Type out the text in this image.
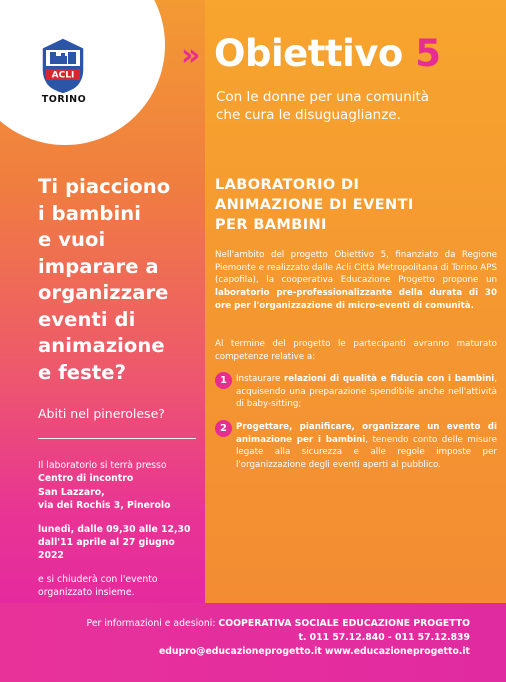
TORINO
ACLI
» Obiettivo 5
Con le donne per una comunità
che cura le disuguaglianze.
Ti piacciono
i bambini
e vuoi
imparare a
organizzare
eventi di
animazione
e feste?
Abiti nel pinerolese?
Il laboratorio si terrà presso
Centro di incontro
San Lazzaro,
via dei Rochis 3, Pinerolo
lunedì, dalle 09,30 alle 12,30
dall'11 aprile al 27 giugno
2022
e si chiuderà con l'evento
organizzato insieme.
LABORATORIO DI
ANIMAZIONE DI EVENTI
PER BAMBINI
Nell'ambito del progetto Obiettivo 5, finanziato da Regione Piemonte e realizzato dalle Acli Città Metropolitana di Torino APS (capofila), la cooperativa Educazione Progetto propone un laboratorio pre-professionalizzante della durata di 30 ore per l'organizzazione di micro-eventi di comunità.
Al termine del progetto le partecipanti avranno maturato competenze relative a:
1	Instaurare relazioni di qualità e fiducia con i bambini, acquisendo una preparazione spendibile anche nell'attività di baby-sitting;
2	Progettare, pianificare, organizzare un evento di animazione per i bambini, tenendo conto delle misure legate alla sicurezza e alle regole imposte per l'organizzazione degli eventi aperti al pubblico.
Per informazioni e adesioni: COOPERATIVA SOCIALE EDUCAZIONE PROGETTO
t. 011 57.12.840 - 011 57.12.839
edupro@educazioneprogetto.it www.educazioneprogetto.it
